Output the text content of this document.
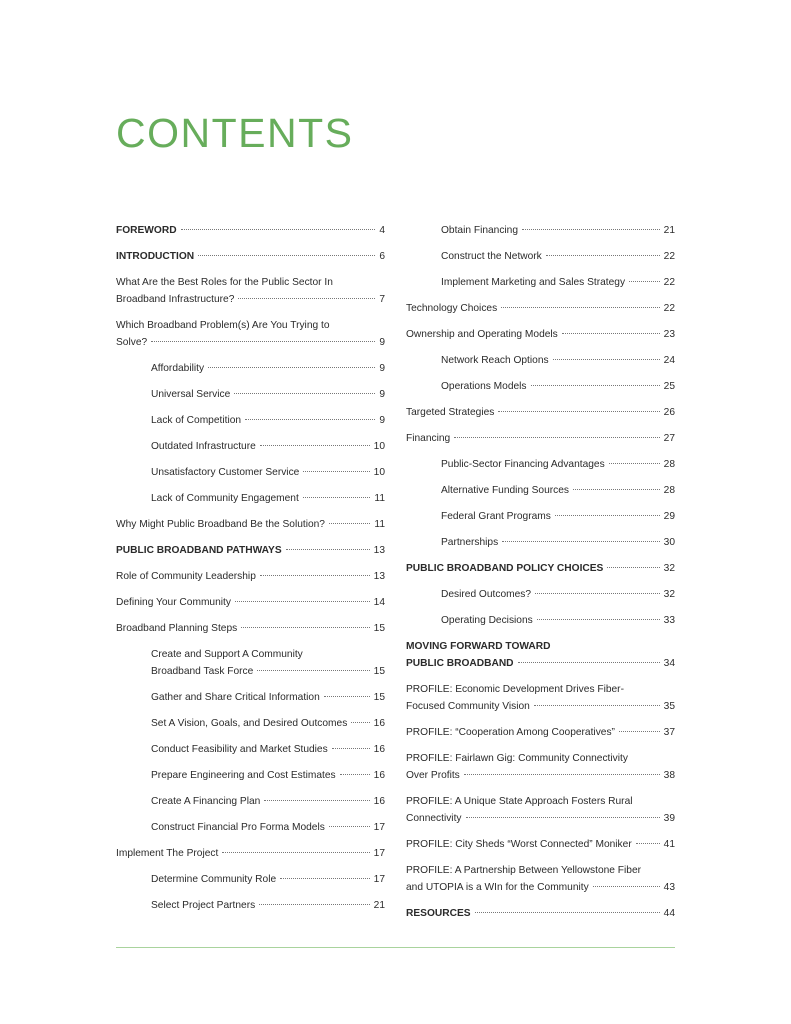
CONTENTS
FOREWORD	4
INTRODUCTION	6
What Are the Best Roles for the Public Sector In
Broadband Infrastructure?	7
Which Broadband Problem(s) Are You Trying to
Solve?	9
Affordability	9
Universal Service	9
Lack of Competition	9
Outdated Infrastructure	10
Unsatisfactory Customer Service	10
Lack of Community Engagement	11
Why Might Public Broadband Be the Solution?	11
PUBLIC BROADBAND PATHWAYS	13
Role of Community Leadership	13
Defining Your Community	14
Broadband Planning Steps	15
Create and Support A Community
Broadband Task Force	15
Gather and Share Critical Information	15
Set A Vision, Goals, and Desired Outcomes	16
Conduct Feasibility and Market Studies	16
Prepare Engineering and Cost Estimates	16
Create A Financing Plan	16
Construct Financial Pro Forma Models	17
Implement The Project	17
Determine Community Role	17
Select Project Partners	21
Obtain Financing	21
Construct the Network	22
Implement Marketing and Sales Strategy	22
Technology Choices	22
Ownership and Operating Models	23
Network Reach Options	24
Operations Models	25
Targeted Strategies	26
Financing	27
Public-Sector Financing Advantages	28
Alternative Funding Sources	28
Federal Grant Programs	29
Partnerships	30
PUBLIC BROADBAND POLICY CHOICES	32
Desired Outcomes?	32
Operating Decisions	33
MOVING FORWARD TOWARD
PUBLIC BROADBAND	34
PROFILE: Economic Development Drives Fiber-
Focused Community Vision	35
PROFILE: “Cooperation Among Cooperatives”	37
PROFILE: Fairlawn Gig: Community Connectivity
Over Profits	38
PROFILE: A Unique State Approach Fosters Rural
Connectivity	39
PROFILE: City Sheds “Worst Connected” Moniker	41
PROFILE: A Partnership Between Yellowstone Fiber
and UTOPIA is a WIn for the Community	43
RESOURCES	44
